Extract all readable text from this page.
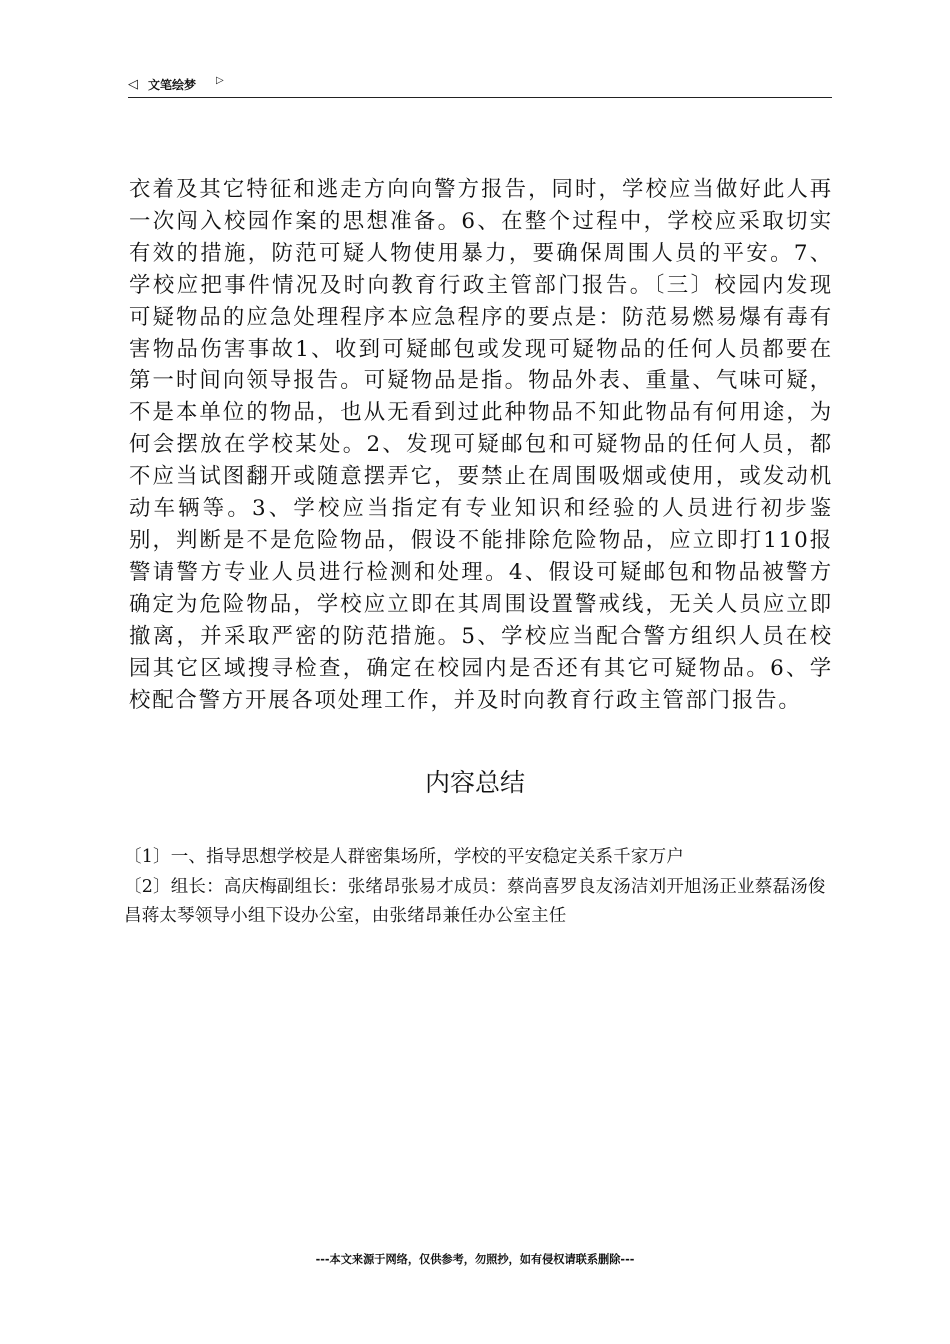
◁ 文笔绘梦 ▷

衣着及其它特征和逃走方向向警方报告，同时，学校应当做好此人再一次闯入校园作案的思想准备。6、在整个过程中，学校应采取切实有效的措施，防范可疑人物使用暴力，要确保周围人员的平安。7、学校应把事件情况及时向教育行政主管部门报告。〔三〕校园内发现可疑物品的应急处理程序本应急程序的要点是：防范易燃易爆有毒有害物品伤害事故1、收到可疑邮包或发现可疑物品的任何人员都要在第一时间向领导报告。可疑物品是指。物品外表、重量、气味可疑，不是本单位的物品，也从无看到过此种物品不知此物品有何用途，为何会摆放在学校某处。2、发现可疑邮包和可疑物品的任何人员，都不应当试图翻开或随意摆弄它，要禁止在周围吸烟或使用，或发动机动车辆等。3、学校应当指定有专业知识和经验的人员进行初步鉴别，判断是不是危险物品，假设不能排除危险物品，应立即打110报警请警方专业人员进行检测和处理。4、假设可疑邮包和物品被警方确定为危险物品，学校应立即在其周围设置警戒线，无关人员应立即撤离，并采取严密的防范措施。5、学校应当配合警方组织人员在校园其它区域搜寻检查，确定在校园内是否还有其它可疑物品。6、学校配合警方开展各项处理工作，并及时向教育行政主管部门报告。

内容总结

〔1〕一、指导思想学校是人群密集场所，学校的平安稳定关系千家万户

〔2〕组长：高庆梅副组长：张绪昂张易才成员：蔡尚喜罗良友汤洁刘开旭汤正业蔡磊汤俊昌蒋太琴领导小组下设办公室，由张绪昂兼任办公室主任

---本文来源于网络，仅供参考，勿照抄，如有侵权请联系删除---
